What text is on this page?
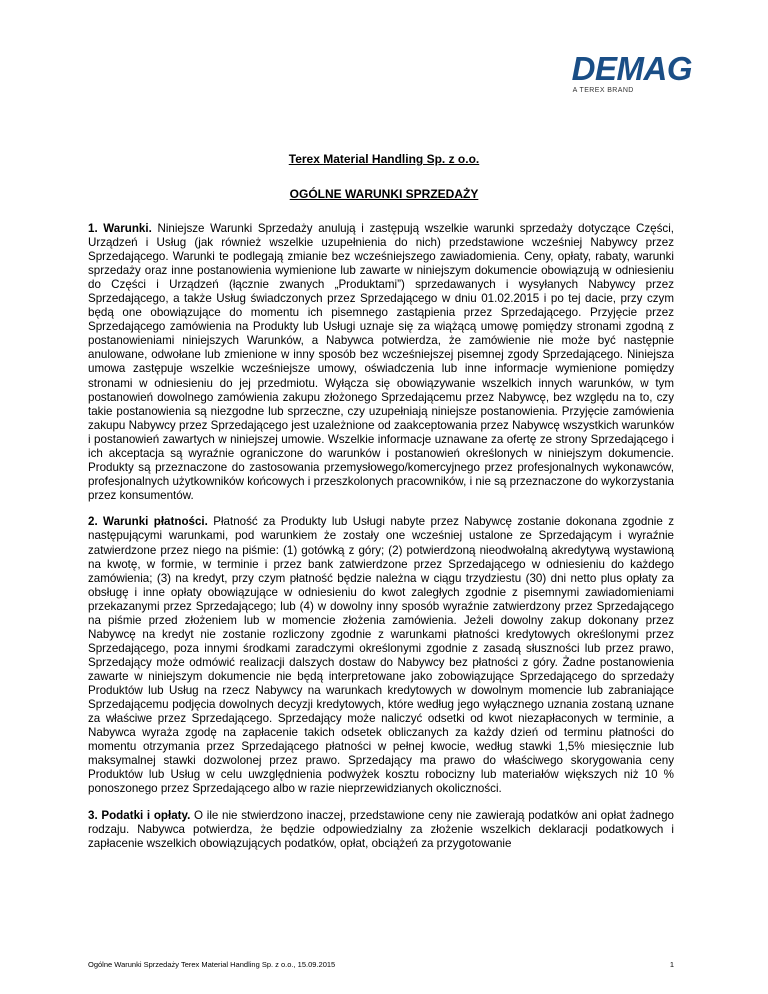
DEMAG
A TEREX BRAND
Terex Material Handling Sp. z o.o.
OGÓLNE WARUNKI SPRZEDAŻY

1. Warunki. Niniejsze Warunki Sprzedaży anulują i zastępują wszelkie warunki sprzedaży dotyczące Części, Urządzeń i Usług (jak również wszelkie uzupełnienia do nich) przedstawione wcześniej Nabywcy przez Sprzedającego. Warunki te podlegają zmianie bez wcześniejszego zawiadomienia. Ceny, opłaty, rabaty, warunki sprzedaży oraz inne postanowienia wymienione lub zawarte w niniejszym dokumencie obowiązują w odniesieniu do Części i Urządzeń (łącznie zwanych „Produktami”) sprzedawanych i wysyłanych Nabywcy przez Sprzedającego, a także Usług świadczonych przez Sprzedającego w dniu 01.02.2015 i po tej dacie, przy czym będą one obowiązujące do momentu ich pisemnego zastąpienia przez Sprzedającego. Przyjęcie przez Sprzedającego zamówienia na Produkty lub Usługi uznaje się za wiążącą umowę pomiędzy stronami zgodną z postanowieniami niniejszych Warunków, a Nabywca potwierdza, że zamówienie nie może być następnie anulowane, odwołane lub zmienione w inny sposób bez wcześniejszej pisemnej zgody Sprzedającego. Niniejsza umowa zastępuje wszelkie wcześniejsze umowy, oświadczenia lub inne informacje wymienione pomiędzy stronami w odniesieniu do jej przedmiotu. Wyłącza się obowiązywanie wszelkich innych warunków, w tym postanowień dowolnego zamówienia zakupu złożonego Sprzedającemu przez Nabywcę, bez względu na to, czy takie postanowienia są niezgodne lub sprzeczne, czy uzupełniają niniejsze postanowienia. Przyjęcie zamówienia zakupu Nabywcy przez Sprzedającego jest uzależnione od zaakceptowania przez Nabywcę wszystkich warunków i postanowień zawartych w niniejszej umowie. Wszelkie informacje uznawane za ofertę ze strony Sprzedającego i ich akceptacja są wyraźnie ograniczone do warunków i postanowień określonych w niniejszym dokumencie. Produkty są przeznaczone do zastosowania przemysłowego/komercyjnego przez profesjonalnych wykonawców, profesjonalnych użytkowników końcowych i przeszkolonych pracowników, i nie są przeznaczone do wykorzystania przez konsumentów.

2. Warunki płatności. Płatność za Produkty lub Usługi nabyte przez Nabywcę zostanie dokonana zgodnie z następującymi warunkami, pod warunkiem że zostały one wcześniej ustalone ze Sprzedającym i wyraźnie zatwierdzone przez niego na piśmie: (1) gotówką z góry; (2) potwierdzoną nieodwołalną akredytywą wystawioną na kwotę, w formie, w terminie i przez bank zatwierdzone przez Sprzedającego w odniesieniu do każdego zamówienia; (3) na kredyt, przy czym płatność będzie należna w ciągu trzydziestu (30) dni netto plus opłaty za obsługę i inne opłaty obowiązujące w odniesieniu do kwot zaległych zgodnie z pisemnymi zawiadomieniami przekazanymi przez Sprzedającego; lub (4) w dowolny inny sposób wyraźnie zatwierdzony przez Sprzedającego na piśmie przed złożeniem lub w momencie złożenia zamówienia. Jeżeli dowolny zakup dokonany przez Nabywcę na kredyt nie zostanie rozliczony zgodnie z warunkami płatności kredytowych określonymi przez Sprzedającego, poza innymi środkami zaradczymi określonymi zgodnie z zasadą słuszności lub przez prawo, Sprzedający może odmówić realizacji dalszych dostaw do Nabywcy bez płatności z góry. Żadne postanowienia zawarte w niniejszym dokumencie nie będą interpretowane jako zobowiązujące Sprzedającego do sprzedaży Produktów lub Usług na rzecz Nabywcy na warunkach kredytowych w dowolnym momencie lub zabraniające Sprzedającemu podjęcia dowolnych decyzji kredytowych, które według jego wyłącznego uznania zostaną uznane za właściwe przez Sprzedającego. Sprzedający może naliczyć odsetki od kwot niezapłaconych w terminie, a Nabywca wyraża zgodę na zapłacenie takich odsetek obliczanych za każdy dzień od terminu płatności do momentu otrzymania przez Sprzedającego płatności w pełnej kwocie, według stawki 1,5% miesięcznie lub maksymalnej stawki dozwolonej przez prawo. Sprzedający ma prawo do właściwego skorygowania ceny Produktów lub Usług w celu uwzględnienia podwyżek kosztu robocizny lub materiałów większych niż 10 % ponoszonego przez Sprzedającego albo w razie nieprzewidzianych okoliczności.

3. Podatki i opłaty. O ile nie stwierdzono inaczej, przedstawione ceny nie zawierają podatków ani opłat żadnego rodzaju. Nabywca potwierdza, że będzie odpowiedzialny za złożenie wszelkich deklaracji podatkowych i zapłacenie wszelkich obowiązujących podatków, opłat, obciążeń za przygotowanie

Ogólne Warunki Sprzedaży Terex Material Handling Sp. z o.o., 15.09.2015	1
